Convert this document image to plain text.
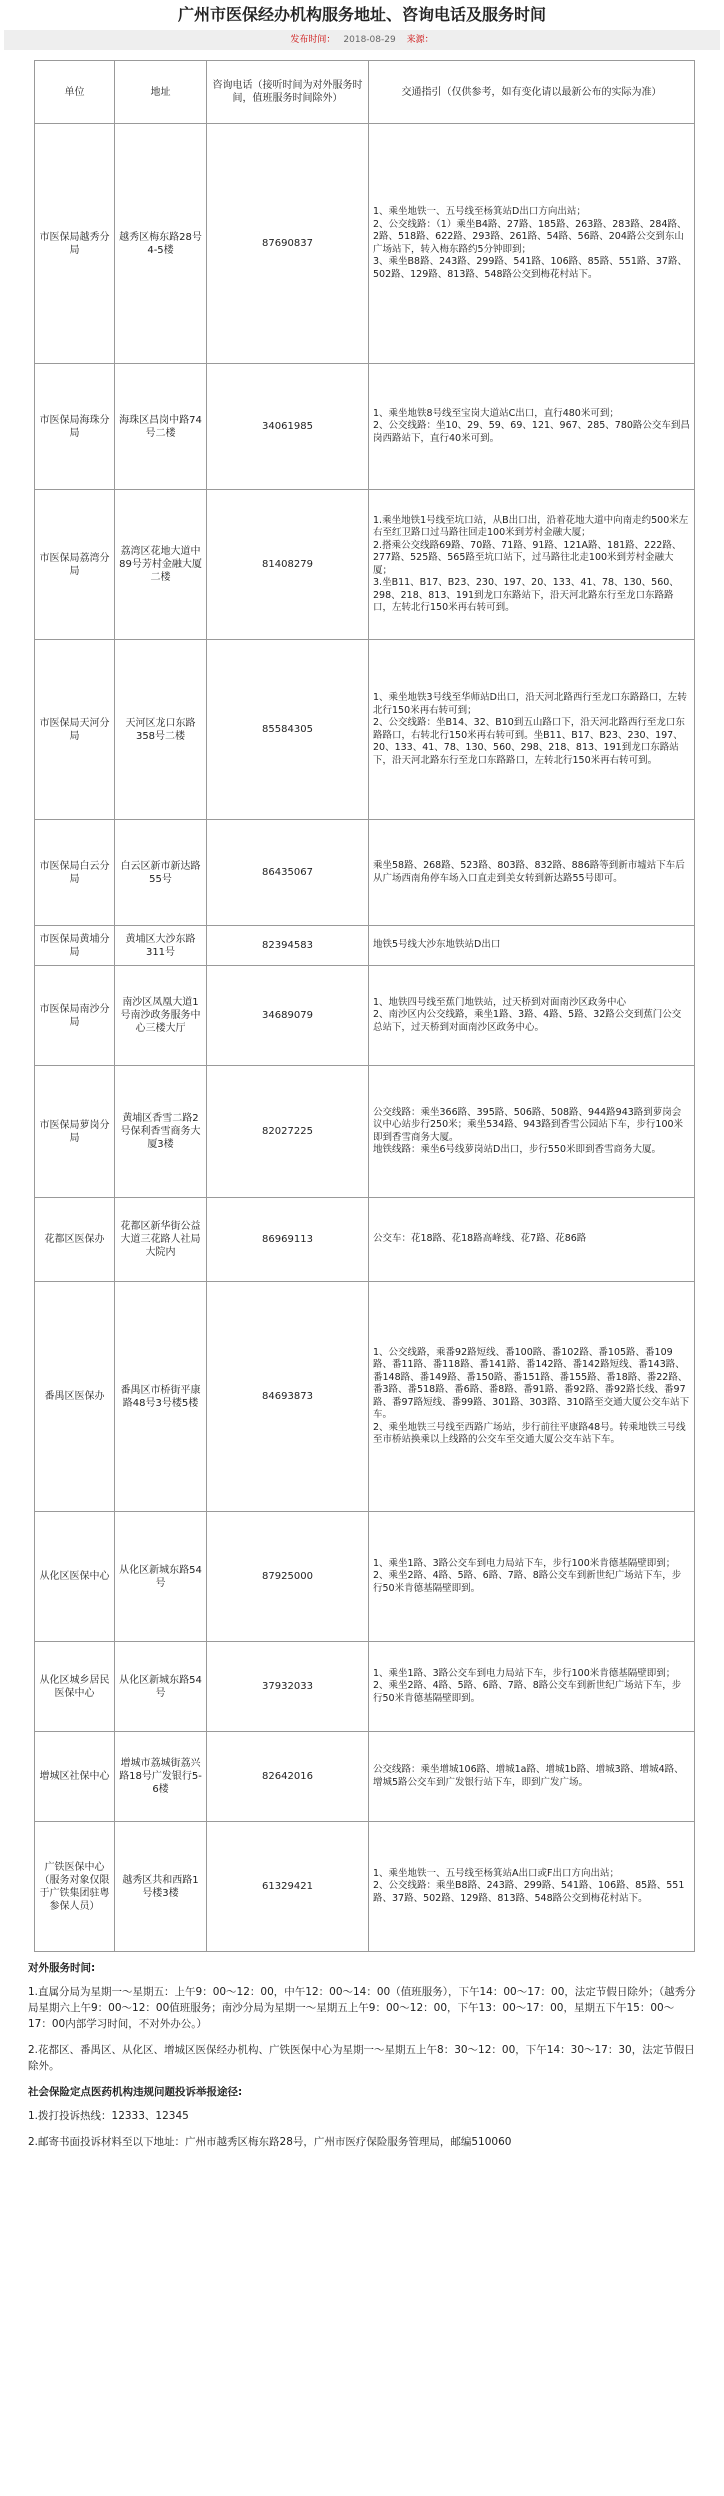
广州市医保经办机构服务地址、咨询电话及服务时间
发布时间： 2018-08-29 来源：
单位	地址	咨询电话（接听时间为对外服务时间，值班服务时间除外）	交通指引（仅供参考，如有变化请以最新公布的实际为准）
市医保局越秀分局	越秀区梅东路28号4-5楼	87690837	1、乘坐地铁一、五号线至杨箕站D出口方向出站；
2、公交线路：（1）乘坐B4路、27路、185路、263路、283路、284路、2路、518路、622路、293路、261路、54路、56路、204路公交到东山广场站下，转入梅东路约5分钟即到；
3、乘坐B8路、243路、299路、541路、106路、85路、551路、37路、502路、129路、813路、548路公交到梅花村站下。
市医保局海珠分局	海珠区昌岗中路74号二楼	34061985	1、乘坐地铁8号线至宝岗大道站C出口，直行480米可到；
2、公交线路：坐10、29、59、69、121、967、285、780路公交车到昌岗西路站下，直行40米可到。
市医保局荔湾分局	荔湾区花地大道中89号芳村金融大厦二楼	81408279	1.乘坐地铁1号线至坑口站，从B出口出，沿着花地大道中向南走约500米左右至红卫路口过马路往回走100米到芳村金融大厦；
2.搭乘公交线路69路、70路、71路、91路、121A路、181路、222路、277路、525路、565路至坑口站下，过马路往北走100米到芳村金融大厦；
3.坐B11、B17、B23、230、197、20、133、41、78、130、560、298、218、813、191到龙口东路站下，沿天河北路东行至龙口东路路口，左转北行150米再右转可到。
市医保局天河分局	天河区龙口东路358号二楼	85584305	1、乘坐地铁3号线至华师站D出口，沿天河北路西行至龙口东路路口，左转北行150米再右转可到；
2、公交线路：坐B14、32、B10到五山路口下，沿天河北路西行至龙口东路路口，右转北行150米再右转可到。坐B11、B17、B23、230、197、20、133、41、78、130、560、298、218、813、191到龙口东路站下，沿天河北路东行至龙口东路路口，左转北行150米再右转可到。
市医保局白云分局	白云区新市新达路55号	86435067	乘坐58路、268路、523路、803路、832路、886路等到新市墟站下车后从广场西南角停车场入口直走到美女转到新达路55号即可。
市医保局黄埔分局	黄埔区大沙东路311号	82394583	地铁5号线大沙东地铁站D出口
市医保局南沙分局	南沙区凤凰大道1号南沙政务服务中心三楼大厅	34689079	1、地铁四号线至蕉门地铁站，过天桥到对面南沙区政务中心
2、南沙区内公交线路，乘坐1路、3路、4路、5路、32路公交到蕉门公交总站下，过天桥到对面南沙区政务中心。
市医保局萝岗分局	黄埔区香雪二路2号保利香雪商务大厦3楼	82027225	公交线路：乘坐366路、395路、506路、508路、944路943路到萝岗会议中心站步行250米；乘坐534路、943路到香雪公园站下车，步行100米即到香雪商务大厦。
地铁线路：乘坐6号线萝岗站D出口，步行550米即到香雪商务大厦。
花都区医保办	花都区新华街公益大道三花路人社局大院内	86969113	公交车：花18路、花18路高峰线、花7路、花86路
番禺区医保办	番禺区市桥街平康路48号3号楼5楼	84693873	1、公交线路，乘番92路短线、番100路、番102路、番105路、番109路、番11路、番118路、番141路、番142路、番142路短线、番143路、番148路、番149路、番150路、番151路、番155路、番18路、番22路、番3路、番518路、番6路、番8路、番91路、番92路、番92路长线、番97路、番97路短线、番99路、301路、303路、310路至交通大厦公交车站下车。
2、乘坐地铁三号线至西路广场站，步行前往平康路48号。转乘地铁三号线至市桥站换乘以上线路的公交车至交通大厦公交车站下车。
从化区医保中心	从化区新城东路54号	87925000	1、乘坐1路、3路公交车到电力局站下车，步行100米肯德基隔壁即到；
2、乘坐2路、4路、5路、6路、7路、8路公交车到新世纪广场站下车，步行50米肯德基隔壁即到。
从化区城乡居民医保中心	从化区新城东路54号	37932033	1、乘坐1路、3路公交车到电力局站下车，步行100米肯德基隔壁即到；2、乘坐2路、4路、5路、6路、7路、8路公交车到新世纪广场站下车，步行50米肯德基隔壁即到。
增城区社保中心	增城市荔城街荔兴路18号广发银行5-6楼	82642016	公交线路：乘坐增城106路、增城1a路、增城1b路、增城3路、增城4路、增城5路公交车到广发银行站下车，即到广发广场。
广铁医保中心（服务对象仅限于广铁集团驻粤参保人员）	越秀区共和西路1号楼3楼	61329421	1、乘坐地铁一、五号线至杨箕站A出口或F出口方向出站；
2、公交线路：乘坐B8路、243路、299路、541路、106路、85路、551路、37路、502路、129路、813路、548路公交到梅花村站下。
对外服务时间:

1.直属分局为星期一～星期五：上午9：00～12：00，中午12：00～14：00（值班服务），下午14：00～17：00，法定节假日除外；（越秀分局星期六上午9：00～12：00值班服务；南沙分局为星期一～星期五上午9：00～12：00，下午13：00～17：00，星期五下午15：00～17：00内部学习时间，不对外办公。）

2.花都区、番禺区、从化区、增城区医保经办机构、广铁医保中心为星期一～星期五上午8：30～12：00，下午14：30～17：30，法定节假日除外。

社会保险定点医药机构违规问题投诉举报途径:

1.拨打投诉热线：12333、12345

2.邮寄书面投诉材料至以下地址：广州市越秀区梅东路28号，广州市医疗保险服务管理局，邮编510060
